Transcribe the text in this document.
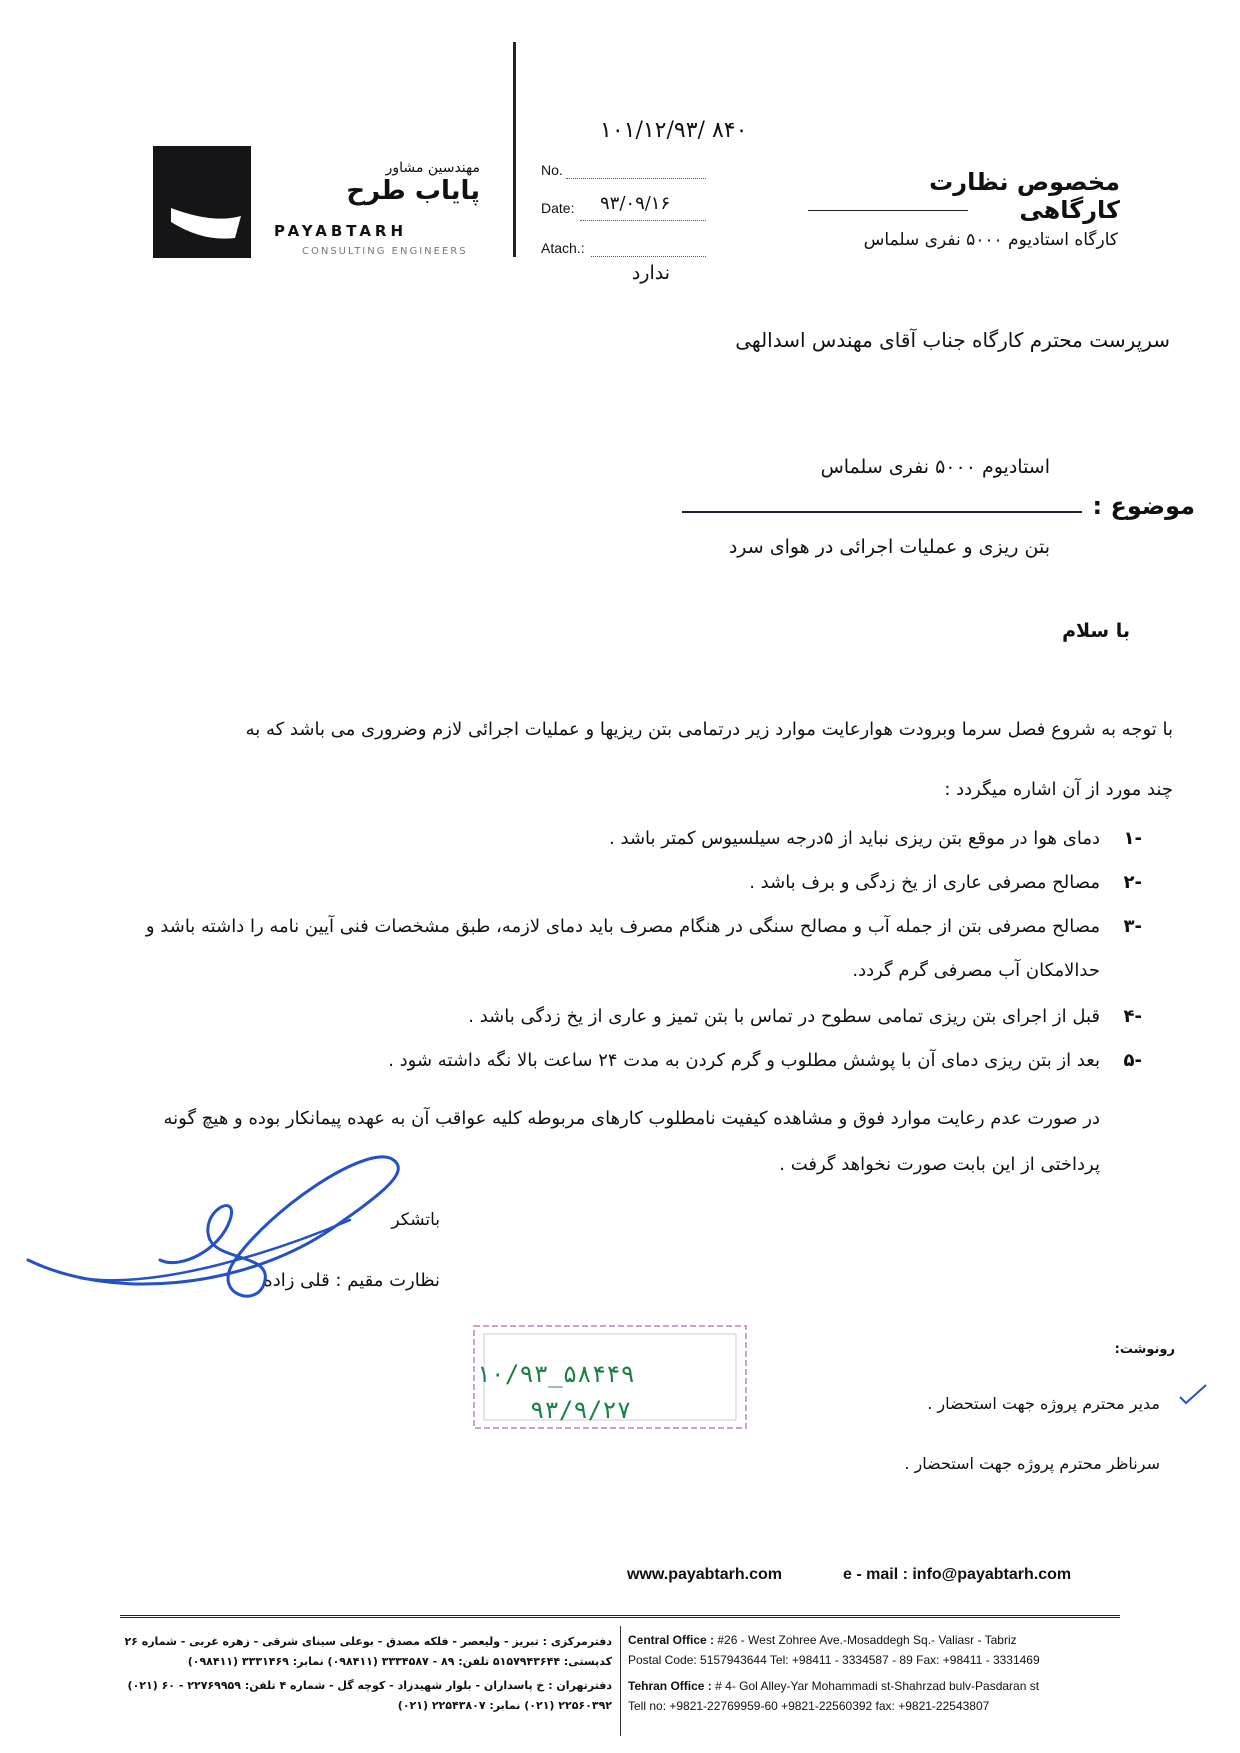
مهندسین مشاور
پایاب طرح
PAYABTARH
CONSULTING ENGINEERS
۱۰۱/۱۲/۹۳/ ۸۴۰
No.
Date: ۹۳/۰۹/۱۶
Atach.:
ندارد
مخصوص نظارت کارگاهی
کارگاه استادیوم ۵۰۰۰ نفری سلماس
سرپرست محترم کارگاه جناب آقای مهندس اسدالهی
استادیوم ۵۰۰۰ نفری سلماس
موضوع :
بتن ریزی و عملیات اجرائی در هوای سرد
با سلام
با توجه به شروع فصل سرما وبرودت هوارعایت موارد زیر درتمامی بتن ریزیها و عملیات اجرائی لازم وضروری می باشد که به چند مورد از آن اشاره میگردد :
۱-
دمای هوا در موقع بتن ریزی نباید از ۵درجه سیلسیوس کمتر باشد .
۲-
مصالح مصرفی عاری از یخ زدگی و برف باشد .
۳-
مصالح مصرفی بتن از جمله آب و مصالح سنگی در هنگام مصرف باید دمای لازمه، طبق مشخصات فنی آیین نامه را داشته باشد و
حدالامکان آب مصرفی گرم گردد.
۴-
قبل از اجرای بتن ریزی تمامی سطوح در تماس با بتن تمیز و عاری از یخ زدگی باشد .
۵-
بعد از بتن ریزی دمای آن با پوشش مطلوب و گرم کردن به مدت ۲۴ ساعت بالا نگه داشته شود .
در صورت عدم رعایت موارد فوق و مشاهده کیفیت نامطلوب کارهای مربوطه کلیه عواقب آن به عهده پیمانکار بوده و هیچ گونه پرداختی از این بابت صورت نخواهد گرفت .
باتشکر
نظارت مقیم : قلی زاده
۱۰/۹۳_۵۸۴۴۹
۹۳/۹/۲۷
رونوشت:
مدیر محترم پروژه جهت استحضار .
سرناظر محترم پروژه جهت استحضار .
www.payabtarh.com	e - mail : info@payabtarh.com
دفترمرکزی : تبریز - ولیعصر - فلکه مصدق - بوعلی سینای شرقی - زهره غربی - شماره ۲۶ کدپستی: ۵۱۵۷۹۴۳۶۴۴ تلفن: ۸۹ - ۳۳۳۴۵۸۷ (۰۹۸۴۱۱) نمابر: ۳۳۳۱۴۶۹ (۰۹۸۴۱۱)
دفترتهران : خ پاسداران - بلوار شهیدزاد - کوچه گل - شماره ۴ تلفن: ۲۲۷۶۹۹۵۹ - ۶۰ (۰۲۱) ۲۲۵۶۰۳۹۲ (۰۲۱) نمابر: ۲۲۵۴۳۸۰۷ (۰۲۱)
Central Office : #26 - West Zohree Ave.-Mosaddegh Sq.- Valiasr - Tabriz
Postal Code: 5157943644 Tel: +98411 - 3334587 - 89 Fax: +98411 - 3331469
Tehran Office : # 4- Gol Alley-Yar Mohammadi st-Shahrzad bulv-Pasdaran st
Tell no: +9821-22769959-60 +9821-22560392 fax: +9821-22543807
